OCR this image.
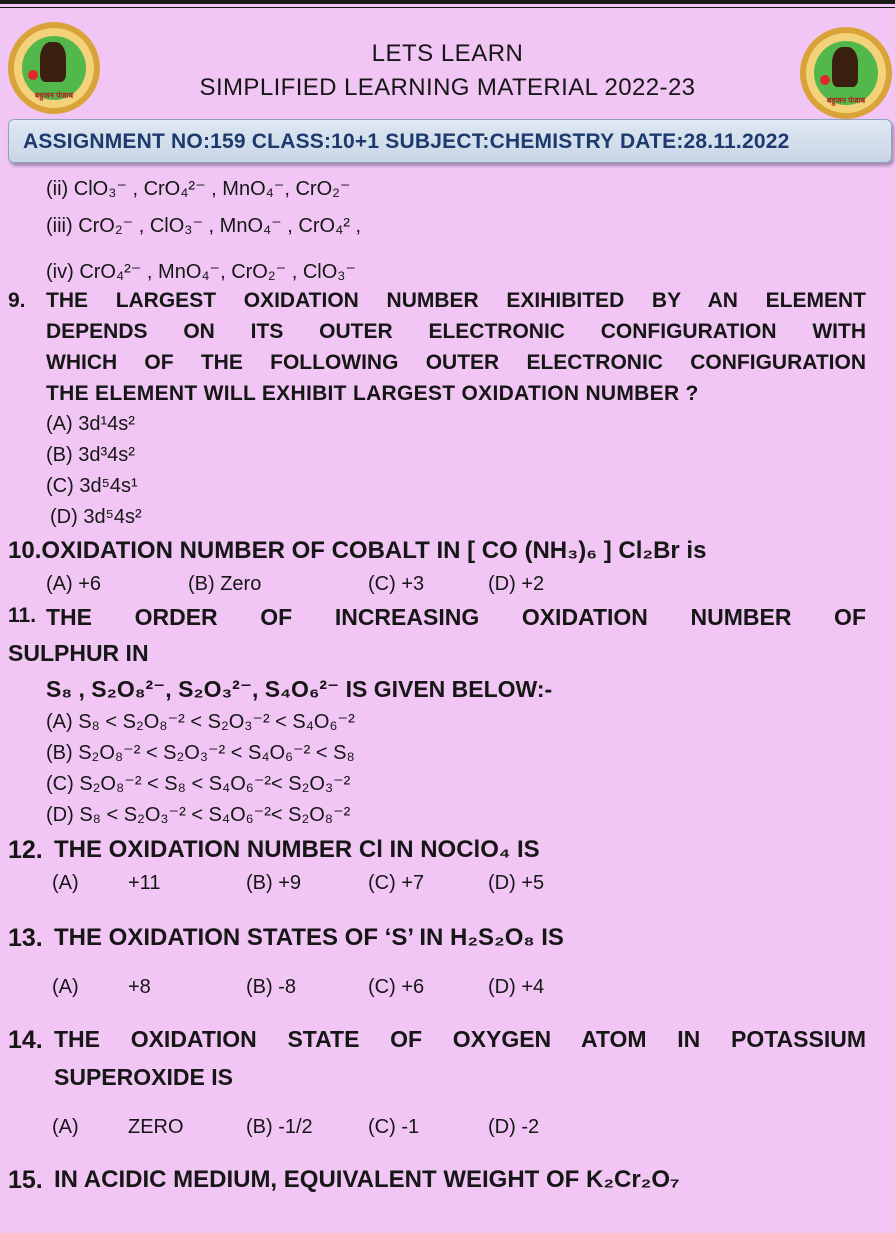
बहुजन पंजाब
बहुजन पंजाब
LETS LEARN
SIMPLIFIED LEARNING MATERIAL 2022-23
ASSIGNMENT NO:159 CLASS:10+1 SUBJECT:CHEMISTRY DATE:28.11.2022
(ii) ClO₃⁻ , CrO₄²⁻ , MnO₄⁻, CrO₂⁻
(iii) CrO₂⁻ , ClO₃⁻ , MnO₄⁻ , CrO₄² ,
(iv) CrO₄²⁻ , MnO₄⁻, CrO₂⁻ , ClO₃⁻
9. THE LARGEST OXIDATION NUMBER EXIHIBITED BY AN ELEMENT
DEPENDS ON ITS OUTER ELECTRONIC CONFIGURATION WITH
WHICH OF THE FOLLOWING OUTER ELECTRONIC CONFIGURATION
THE ELEMENT WILL EXHIBIT LARGEST OXIDATION NUMBER ?
(A) 3d¹4s²
(B) 3d³4s²
(C) 3d⁵4s¹
(D) 3d⁵4s²
10.OXIDATION NUMBER OF COBALT IN [ CO (NH₃)₆ ] Cl₂Br is
(A) +6	(B) Zero	(C) +3	(D) +2
11. THE ORDER OF INCREASING OXIDATION NUMBER OF
SULPHUR IN
S₈ , S₂O₈²⁻, S₂O₃²⁻, S₄O₆²⁻ IS GIVEN BELOW:-
(A) S₈ < S₂O₈⁻² < S₂O₃⁻² < S₄O₆⁻²
(B) S₂O₈⁻² < S₂O₃⁻² < S₄O₆⁻² < S₈
(C) S₂O₈⁻² < S₈ < S₄O₆⁻²< S₂O₃⁻²
(D) S₈ < S₂O₃⁻² < S₄O₆⁻²< S₂O₈⁻²
12. THE OXIDATION NUMBER Cl IN NOClO₄ IS
(A) +11	(B) +9	(C) +7	(D) +5
13. THE OXIDATION STATES OF ‘S’ IN H₂S₂O₈ IS
(A) +8	(B) -8	(C) +6	(D) +4
14. THE OXIDATION STATE OF OXYGEN ATOM IN POTASSIUM
SUPEROXIDE IS
(A) ZERO	(B) -1/2	(C) -1	(D) -2
15. IN ACIDIC MEDIUM, EQUIVALENT WEIGHT OF K₂Cr₂O₇
